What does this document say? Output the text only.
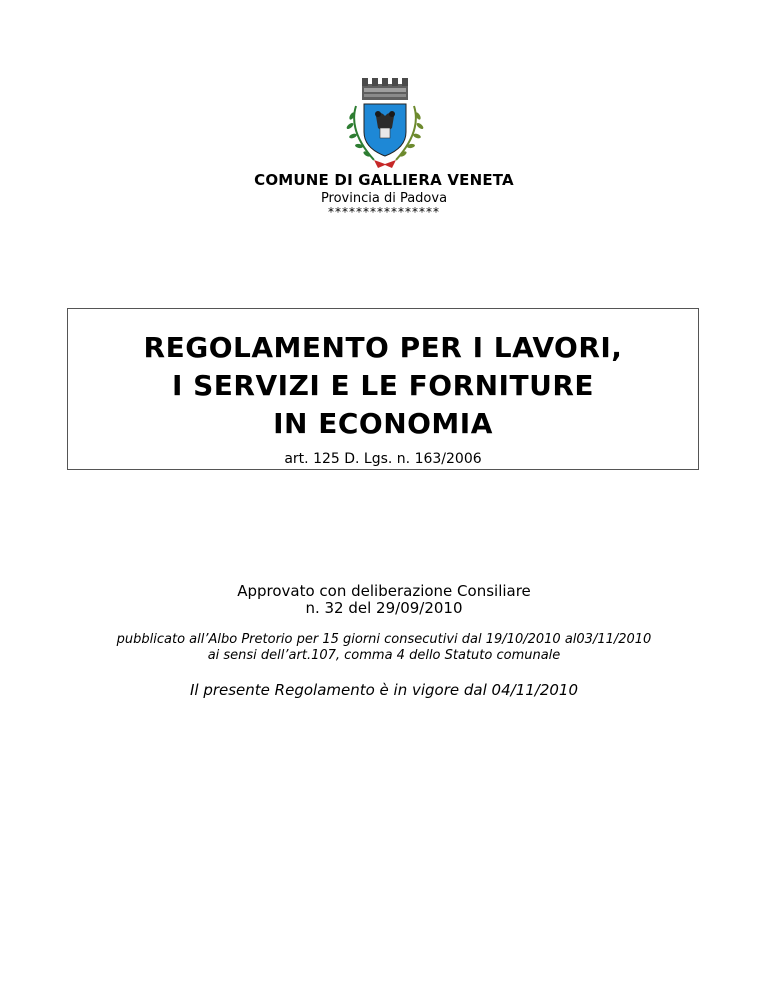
COMUNE DI GALLIERA VENETA
Provincia di Padova
****************
REGOLAMENTO PER I LAVORI,
I SERVIZI E LE FORNITURE
IN ECONOMIA
art. 125 D. Lgs. n. 163/2006
Approvato con deliberazione Consiliare
n. 32 del 29/09/2010
pubblicato all’Albo Pretorio per 15 giorni consecutivi dal 19/10/2010 al03/11/2010
ai sensi dell’art.107, comma 4 dello Statuto comunale
Il presente Regolamento è in vigore dal 04/11/2010
